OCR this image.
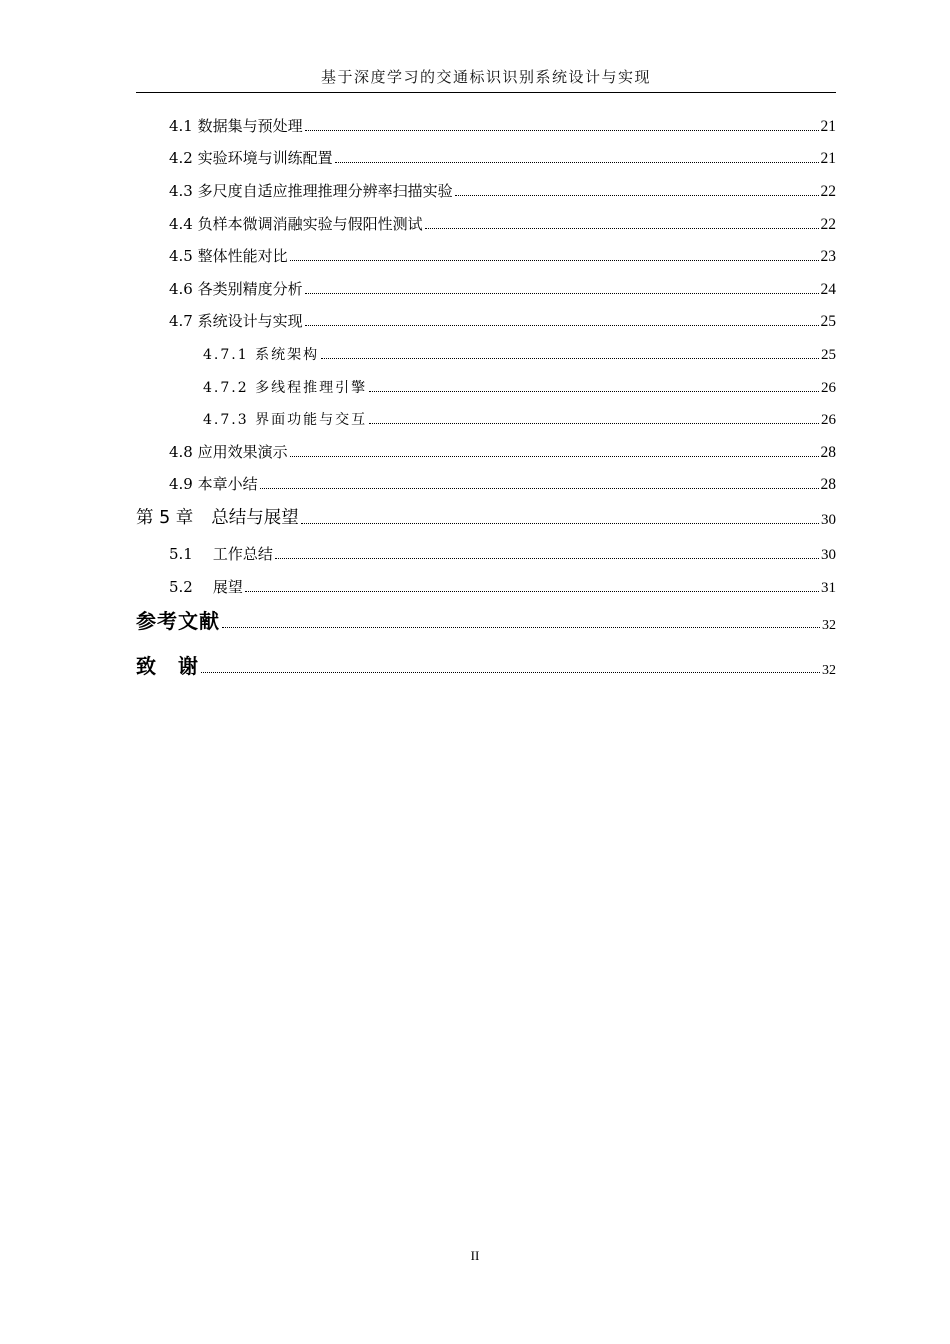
基于深度学习的交通标识识别系统设计与实现
4.1 数据集与预处理	21
4.2 实验环境与训练配置	21
4.3 多尺度自适应推理推理分辨率扫描实验	22
4.4 负样本微调消融实验与假阳性测试	22
4.5 整体性能对比	23
4.6 各类别精度分析	24
4.7 系统设计与实现	25
4.7.1 系统架构	25
4.7.2 多线程推理引擎	26
4.7.3 界面功能与交互	26
4.8 应用效果演示	28
4.9 本章小结	28
第 5 章 总结与展望	30
5.1 工作总结	30
5.2 展望	31
参考文献	32
致　谢	32
II
